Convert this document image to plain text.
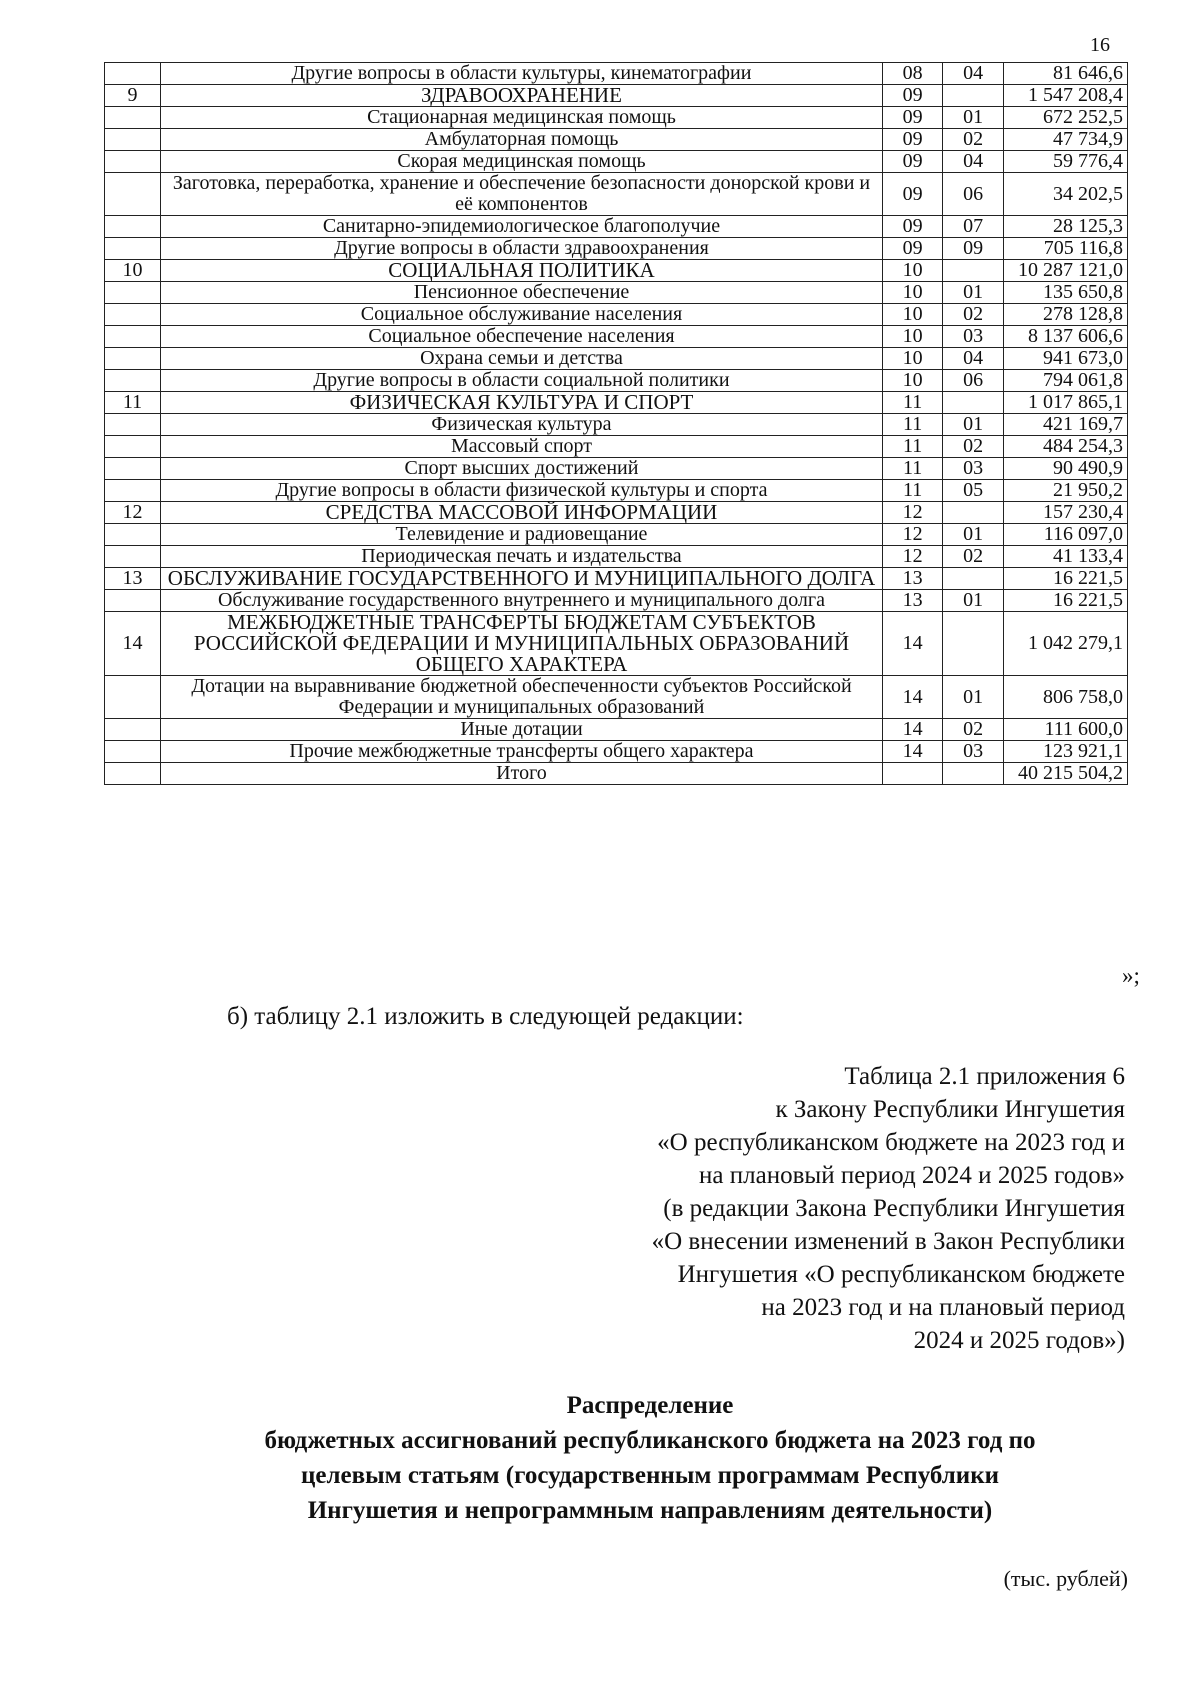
16
	Другие вопросы в области культуры, кинематографии	08	04	81 646,6
9	ЗДРАВООХРАНЕНИЕ	09		1 547 208,4
	Стационарная медицинская помощь	09	01	672 252,5
	Амбулаторная помощь	09	02	47 734,9
	Скорая медицинская помощь	09	04	59 776,4
	Заготовка, переработка, хранение и обеспечение безопасности донорской крови и её компонентов	09	06	34 202,5
	Санитарно-эпидемиологическое благополучие	09	07	28 125,3
	Другие вопросы в области здравоохранения	09	09	705 116,8
10	СОЦИАЛЬНАЯ ПОЛИТИКА	10		10 287 121,0
	Пенсионное обеспечение	10	01	135 650,8
	Социальное обслуживание населения	10	02	278 128,8
	Социальное обеспечение населения	10	03	8 137 606,6
	Охрана семьи и детства	10	04	941 673,0
	Другие вопросы в области социальной политики	10	06	794 061,8
11	ФИЗИЧЕСКАЯ КУЛЬТУРА И СПОРТ	11		1 017 865,1
	Физическая культура	11	01	421 169,7
	Массовый спорт	11	02	484 254,3
	Спорт высших достижений	11	03	90 490,9
	Другие вопросы в области физической культуры и спорта	11	05	21 950,2
12	СРЕДСТВА МАССОВОЙ ИНФОРМАЦИИ	12		157 230,4
	Телевидение и радиовещание	12	01	116 097,0
	Периодическая печать и издательства	12	02	41 133,4
13	ОБСЛУЖИВАНИЕ ГОСУДАРСТВЕННОГО И МУНИЦИПАЛЬНОГО ДОЛГА	13		16 221,5
	Обслуживание государственного внутреннего и муниципального долга	13	01	16 221,5
14	МЕЖБЮДЖЕТНЫЕ ТРАНСФЕРТЫ БЮДЖЕТАМ СУБЪЕКТОВ РОССИЙСКОЙ ФЕДЕРАЦИИ И МУНИЦИПАЛЬНЫХ ОБРАЗОВАНИЙ ОБЩЕГО ХАРАКТЕРА	14		1 042 279,1
	Дотации на выравнивание бюджетной обеспеченности субъектов Российской Федерации и муниципальных образований	14	01	806 758,0
	Иные дотации	14	02	111 600,0
	Прочие межбюджетные трансферты общего характера	14	03	123 921,1
	Итого			40 215 504,2
»;
б) таблицу 2.1 изложить в следующей редакции:
Таблица 2.1 приложения 6
к Закону Республики Ингушетия
«О республиканском бюджете на 2023 год и
на плановый период 2024 и 2025 годов»
(в редакции Закона Республики Ингушетия
«О внесении изменений в Закон Республики
Ингушетия «О республиканском бюджете
на 2023 год и на плановый период
2024 и 2025 годов»)
Распределение
бюджетных ассигнований республиканского бюджета на 2023 год по
целевым статьям (государственным программам Республики
Ингушетия и непрограммным направлениям деятельности)
(тыс. рублей)
